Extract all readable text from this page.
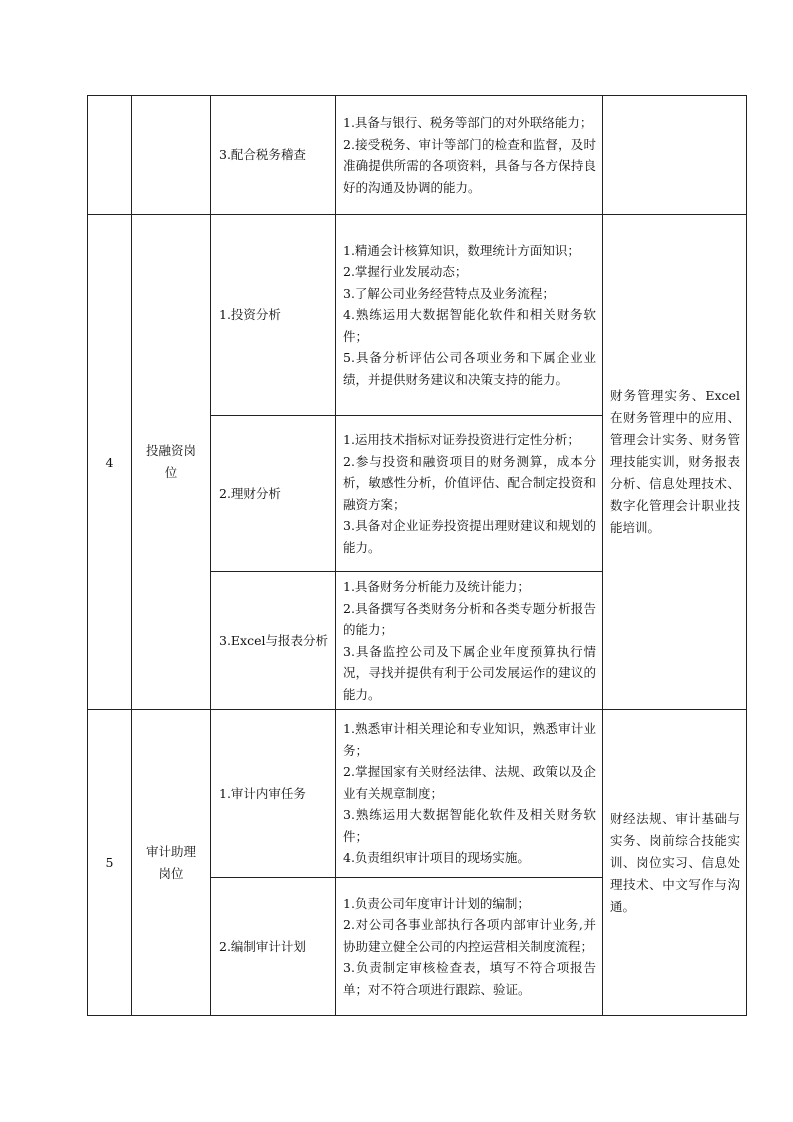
		3.配合税务稽查	1.具备与银行、税务等部门的对外联络能力；
2.接受税务、审计等部门的检查和监督，及时准确提供所需的各项资料，具备与各方保持良好的沟通及协调的能力。	

4	投融资岗位	1.投资分析	1.精通会计核算知识，数理统计方面知识；
2.掌握行业发展动态；
3.了解公司业务经营特点及业务流程；
4.熟练运用大数据智能化软件和相关财务软件；
5.具备分析评估公司各项业务和下属企业业绩，并提供财务建议和决策支持的能力。	财务管理实务、Excel在财务管理中的应用、管理会计实务、财务管理技能实训，财务报表分析、信息处理技术、数字化管理会计职业技能培训。

		2.理财分析	1.运用技术指标对证券投资进行定性分析；
2.参与投资和融资项目的财务测算，成本分析，敏感性分析，价值评估、配合制定投资和融资方案；
3.具备对企业证券投资提出理财建议和规划的能力。	

		3.Excel与报表分析	1.具备财务分析能力及统计能力；
2.具备撰写各类财务分析和各类专题分析报告的能力；
3.具备监控公司及下属企业年度预算执行情况，寻找并提供有利于公司发展运作的建议的能力。	

5	审计助理岗位	1.审计内审任务	1.熟悉审计相关理论和专业知识，熟悉审计业务；
2.掌握国家有关财经法律、法规、政策以及企业有关规章制度；
3.熟练运用大数据智能化软件及相关财务软件；
4.负责组织审计项目的现场实施。	财经法规、审计基础与实务、岗前综合技能实训、岗位实习、信息处理技术、中文写作与沟通。

		2.编制审计计划	1.负责公司年度审计计划的编制；
2.对公司各事业部执行各项内部审计业务,并协助建立健全公司的内控运营相关制度流程；
3.负责制定审核检查表，填写不符合项报告单；对不符合项进行跟踪、验证。	
